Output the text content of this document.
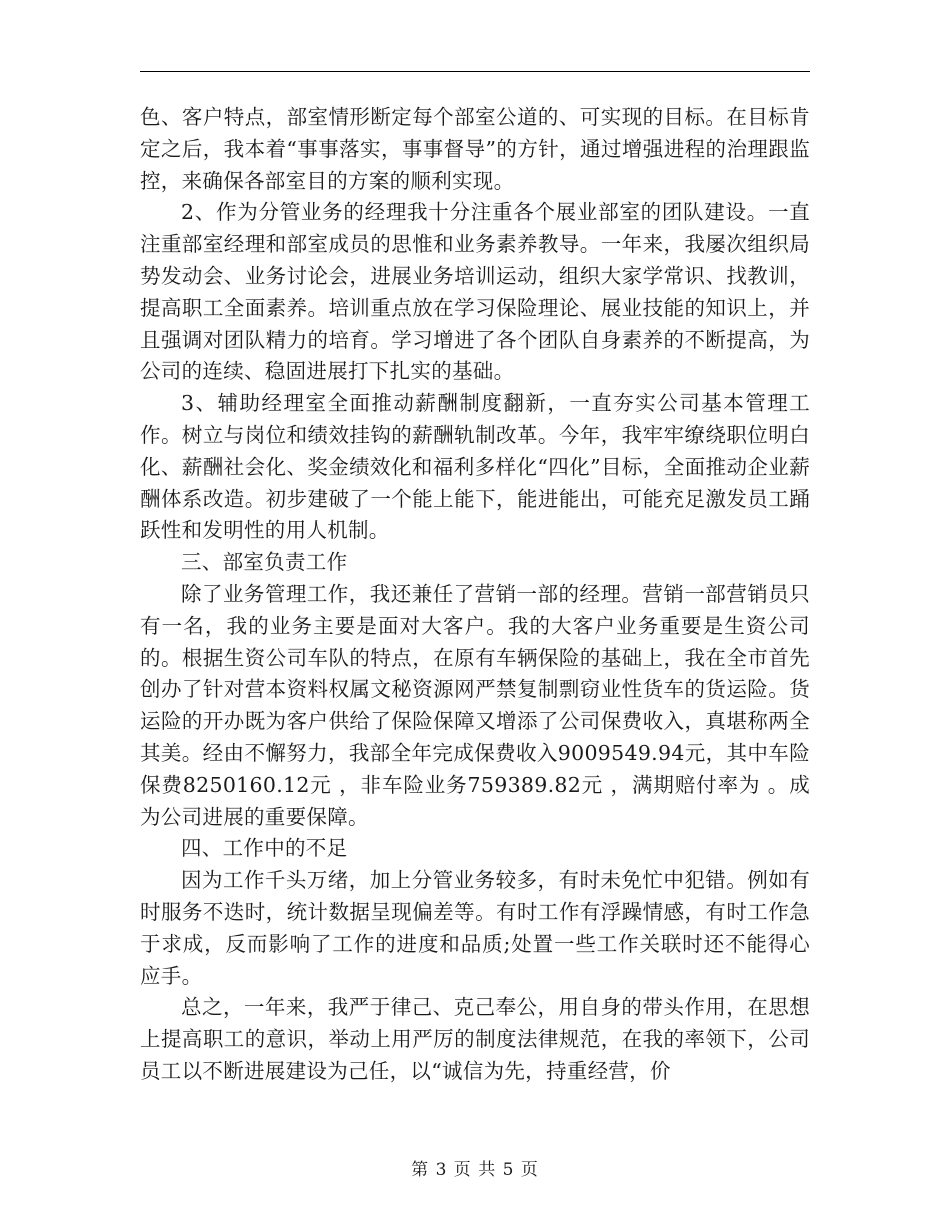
色、客户特点，部室情形断定每个部室公道的、可实现的目标。在目标肯定之后，我本着“事事落实，事事督导”的方针，通过增强进程的治理跟监控，来确保各部室目的方案的顺利实现。

2、作为分管业务的经理我十分注重各个展业部室的团队建设。一直注重部室经理和部室成员的思惟和业务素养教导。一年来，我屡次组织局势发动会、业务讨论会，进展业务培训运动，组织大家学常识、找教训，提高职工全面素养。培训重点放在学习保险理论、展业技能的知识上，并且强调对团队精力的培育。学习增进了各个团队自身素养的不断提高，为公司的连续、稳固进展打下扎实的基础。

3、辅助经理室全面推动薪酬制度翻新，一直夯实公司基本管理工作。树立与岗位和绩效挂钩的薪酬轨制改革。今年，我牢牢缭绕职位明白化、薪酬社会化、奖金绩效化和福利多样化“四化”目标，全面推动企业薪酬体系改造。初步建破了一个能上能下，能进能出，可能充足激发员工踊跃性和发明性的用人机制。

三、部室负责工作

除了业务管理工作，我还兼任了营销一部的经理。营销一部营销员只有一名，我的业务主要是面对大客户。我的大客户业务重要是生资公司的。根据生资公司车队的特点，在原有车辆保险的基础上，我在全市首先创办了针对营本资料权属文秘资源网严禁复制剽窃业性货车的货运险。货运险的开办既为客户供给了保险保障又增添了公司保费收入，真堪称两全其美。经由不懈努力，我部全年完成保费收入9009549.94元，其中车险保费8250160.12元 ，非车险业务759389.82元 ，满期赔付率为 。成为公司进展的重要保障。

四、工作中的不足

因为工作千头万绪，加上分管业务较多，有时未免忙中犯错。例如有时服务不迭时，统计数据呈现偏差等。有时工作有浮躁情感，有时工作急于求成，反而影响了工作的进度和品质;处置一些工作关联时还不能得心应手。

总之，一年来，我严于律己、克己奉公，用自身的带头作用，在思想上提高职工的意识，举动上用严厉的制度法律规范，在我的率领下，公司员工以不断进展建设为己任，以“诚信为先，持重经营，价

第 3 页 共 5 页
